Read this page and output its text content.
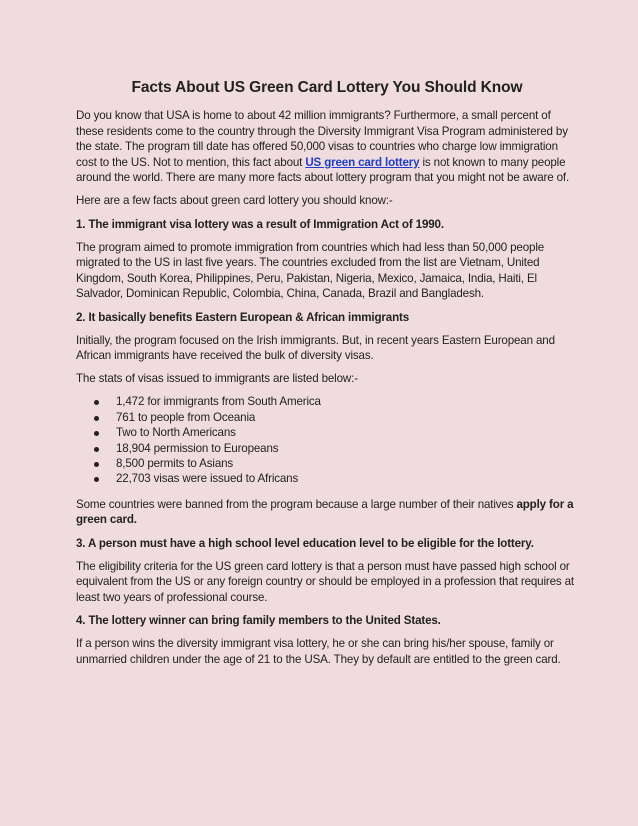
Facts About US Green Card Lottery You Should Know

Do you know that USA is home to about 42 million immigrants? Furthermore, a small percent of these residents come to the country through the Diversity Immigrant Visa Program administered by the state. The program till date has offered 50,000 visas to countries who charge low immigration cost to the US. Not to mention, this fact about US green card lottery is not known to many people around the world. There are many more facts about lottery program that you might not be aware of.

Here are a few facts about green card lottery you should know:-

1. The immigrant visa lottery was a result of Immigration Act of 1990.

The program aimed to promote immigration from countries which had less than 50,000 people migrated to the US in last five years. The countries excluded from the list are Vietnam, United Kingdom, South Korea, Philippines, Peru, Pakistan, Nigeria, Mexico, Jamaica, India, Haiti, El Salvador, Dominican Republic, Colombia, China, Canada, Brazil and Bangladesh.

2. It basically benefits Eastern European & African immigrants

Initially, the program focused on the Irish immigrants. But, in recent years Eastern European and African immigrants have received the bulk of diversity visas.

The stats of visas issued to immigrants are listed below:-

1,472 for immigrants from South America
761 to people from Oceania
Two to North Americans
18,904 permission to Europeans
8,500 permits to Asians
22,703 visas were issued to Africans

Some countries were banned from the program because a large number of their natives apply for a green card.

3. A person must have a high school level education level to be eligible for the lottery.

The eligibility criteria for the US green card lottery is that a person must have passed high school or equivalent from the US or any foreign country or should be employed in a profession that requires at least two years of professional course.

4. The lottery winner can bring family members to the United States.

If a person wins the diversity immigrant visa lottery, he or she can bring his/her spouse, family or unmarried children under the age of 21 to the USA. They by default are entitled to the green card.
